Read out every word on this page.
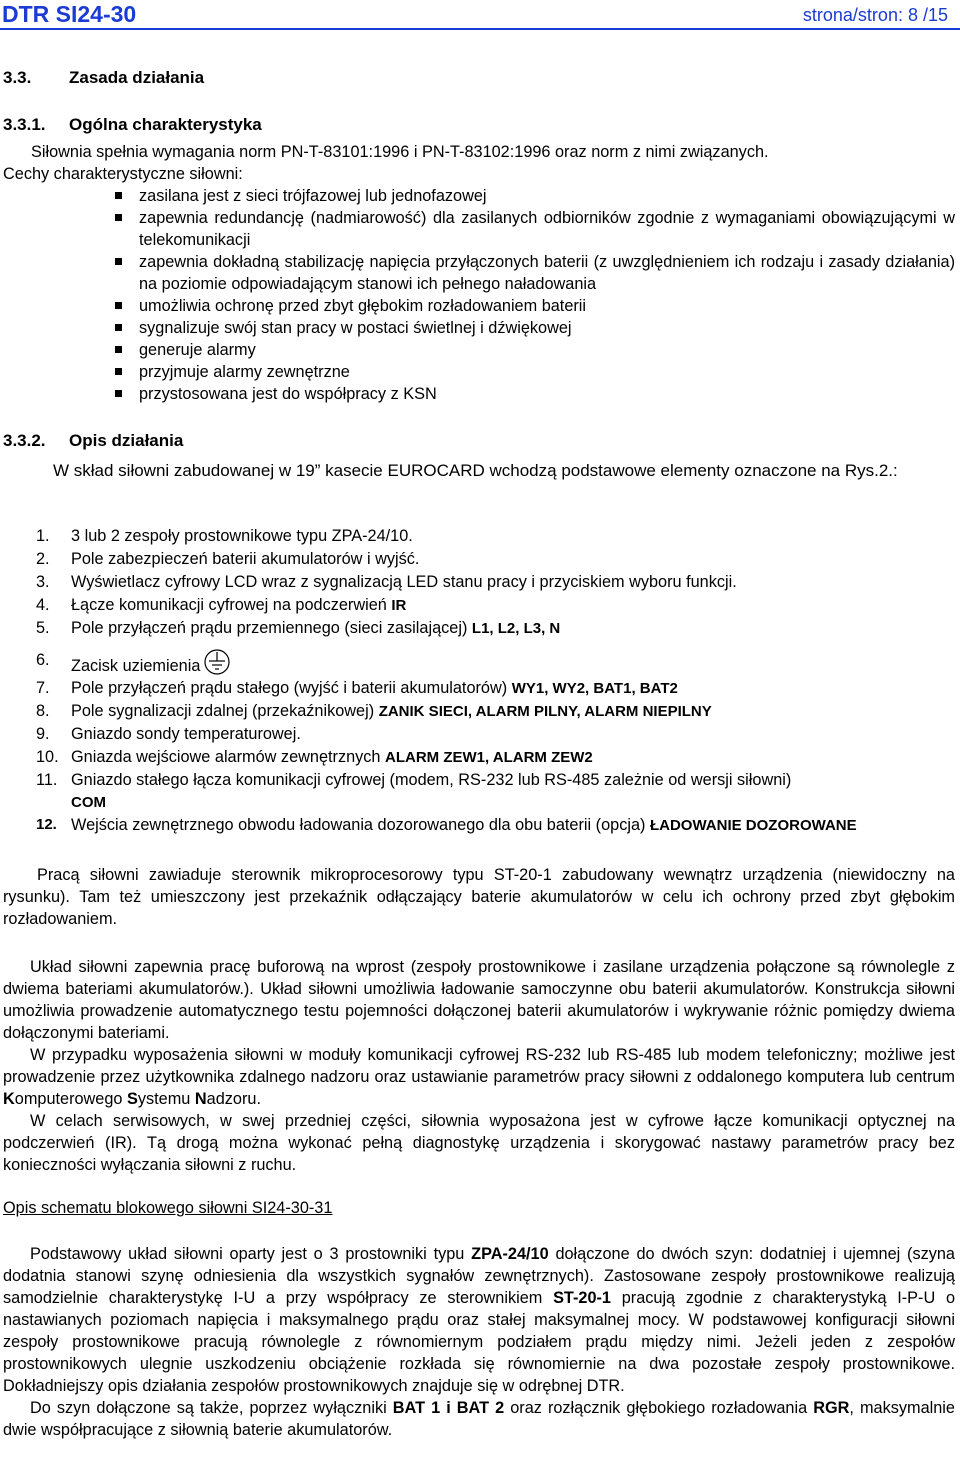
DTR SI24-30	strona/stron: 8 /15
3.3. Zasada działania
3.3.1. Ogólna charakterystyka

Siłownia spełnia wymagania norm PN-T-83101:1996 i PN-T-83102:1996 oraz norm z nimi związanych.

Cechy charakterystyczne siłowni:

zasilana jest z sieci trójfazowej lub jednofazowej
zapewnia redundancję (nadmiarowość) dla zasilanych odbiorników zgodnie z wymaganiami obowiązującymi w telekomunikacji
zapewnia dokładną stabilizację napięcia przyłączonych baterii (z uwzględnieniem ich rodzaju i zasady działania) na poziomie odpowiadającym stanowi ich pełnego naładowania
umożliwia ochronę przed zbyt głębokim rozładowaniem baterii
sygnalizuje swój stan pracy w postaci świetlnej i dźwiękowej
generuje alarmy
przyjmuje alarmy zewnętrzne
przystosowana jest do współpracy z KSN
3.3.2. Opis działania

W skład siłowni zabudowanej w 19” kasecie EUROCARD wchodzą podstawowe elementy oznaczone na Rys.2.:

1. 3 lub 2 zespoły prostownikowe typu ZPA-24/10.
2. Pole zabezpieczeń baterii akumulatorów i wyjść.
3. Wyświetlacz cyfrowy LCD wraz z sygnalizacją LED stanu pracy i przyciskiem wyboru funkcji.
4. Łącze komunikacji cyfrowej na podczerwień IR
5. Pole przyłączeń prądu przemiennego (sieci zasilającej) L1, L2, L3, N
6. Zacisk uziemienia
7. Pole przyłączeń prądu stałego (wyjść i baterii akumulatorów) WY1, WY2, BAT1, BAT2
8. Pole sygnalizacji zdalnej (przekaźnikowej) ZANIK SIECI, ALARM PILNY, ALARM NIEPILNY
9. Gniazdo sondy temperaturowej.
10. Gniazda wejściowe alarmów zewnętrznych ALARM ZEW1, ALARM ZEW2
11. Gniazdo stałego łącza komunikacji cyfrowej (modem, RS-232 lub RS-485 zależnie od wersji siłowni)
COM
12. Wejścia zewnętrznego obwodu ładowania dozorowanego dla obu baterii (opcja) ŁADOWANIE DOZOROWANE

Pracą siłowni zawiaduje sterownik mikroprocesorowy typu ST-20-1 zabudowany wewnątrz urządzenia (niewidoczny na rysunku). Tam też umieszczony jest przekaźnik odłączający baterie akumulatorów w celu ich ochrony przed zbyt głębokim rozładowaniem.

Układ siłowni zapewnia pracę buforową na wprost (zespoły prostownikowe i zasilane urządzenia połączone są równolegle z dwiema bateriami akumulatorów.). Układ siłowni umożliwia ładowanie samoczynne obu baterii akumulatorów. Konstrukcja siłowni umożliwia prowadzenie automatycznego testu pojemności dołączonej baterii akumulatorów i wykrywanie różnic pomiędzy dwiema dołączonymi bateriami.

W przypadku wyposażenia siłowni w moduły komunikacji cyfrowej RS-232 lub RS-485 lub modem telefoniczny; możliwe jest prowadzenie przez użytkownika zdalnego nadzoru oraz ustawianie parametrów pracy siłowni z oddalonego komputera lub centrum Komputerowego Systemu Nadzoru.

W celach serwisowych, w swej przedniej części, siłownia wyposażona jest w cyfrowe łącze komunikacji optycznej na podczerwień (IR). Tą drogą można wykonać pełną diagnostykę urządzenia i skorygować nastawy parametrów pracy bez konieczności wyłączania siłowni z ruchu.

Opis schematu blokowego siłowni SI24-30-31

Podstawowy układ siłowni oparty jest o 3 prostowniki typu ZPA-24/10 dołączone do dwóch szyn: dodatniej i ujemnej (szyna dodatnia stanowi szynę odniesienia dla wszystkich sygnałów zewnętrznych). Zastosowane zespoły prostownikowe realizują samodzielnie charakterystykę I-U a przy współpracy ze sterownikiem ST-20-1 pracują zgodnie z charakterystyką I-P-U o nastawianych poziomach napięcia i maksymalnego prądu oraz stałej maksymalnej mocy. W podstawowej konfiguracji siłowni zespoły prostownikowe pracują równolegle z równomiernym podziałem prądu między nimi. Jeżeli jeden z zespołów prostownikowych ulegnie uszkodzeniu obciążenie rozkłada się równomiernie na dwa pozostałe zespoły prostownikowe. Dokładniejszy opis działania zespołów prostownikowych znajduje się w odrębnej DTR.

Do szyn dołączone są także, poprzez wyłączniki BAT 1 i BAT 2 oraz rozłącznik głębokiego rozładowania RGR, maksymalnie dwie współpracujące z siłownią baterie akumulatorów.
